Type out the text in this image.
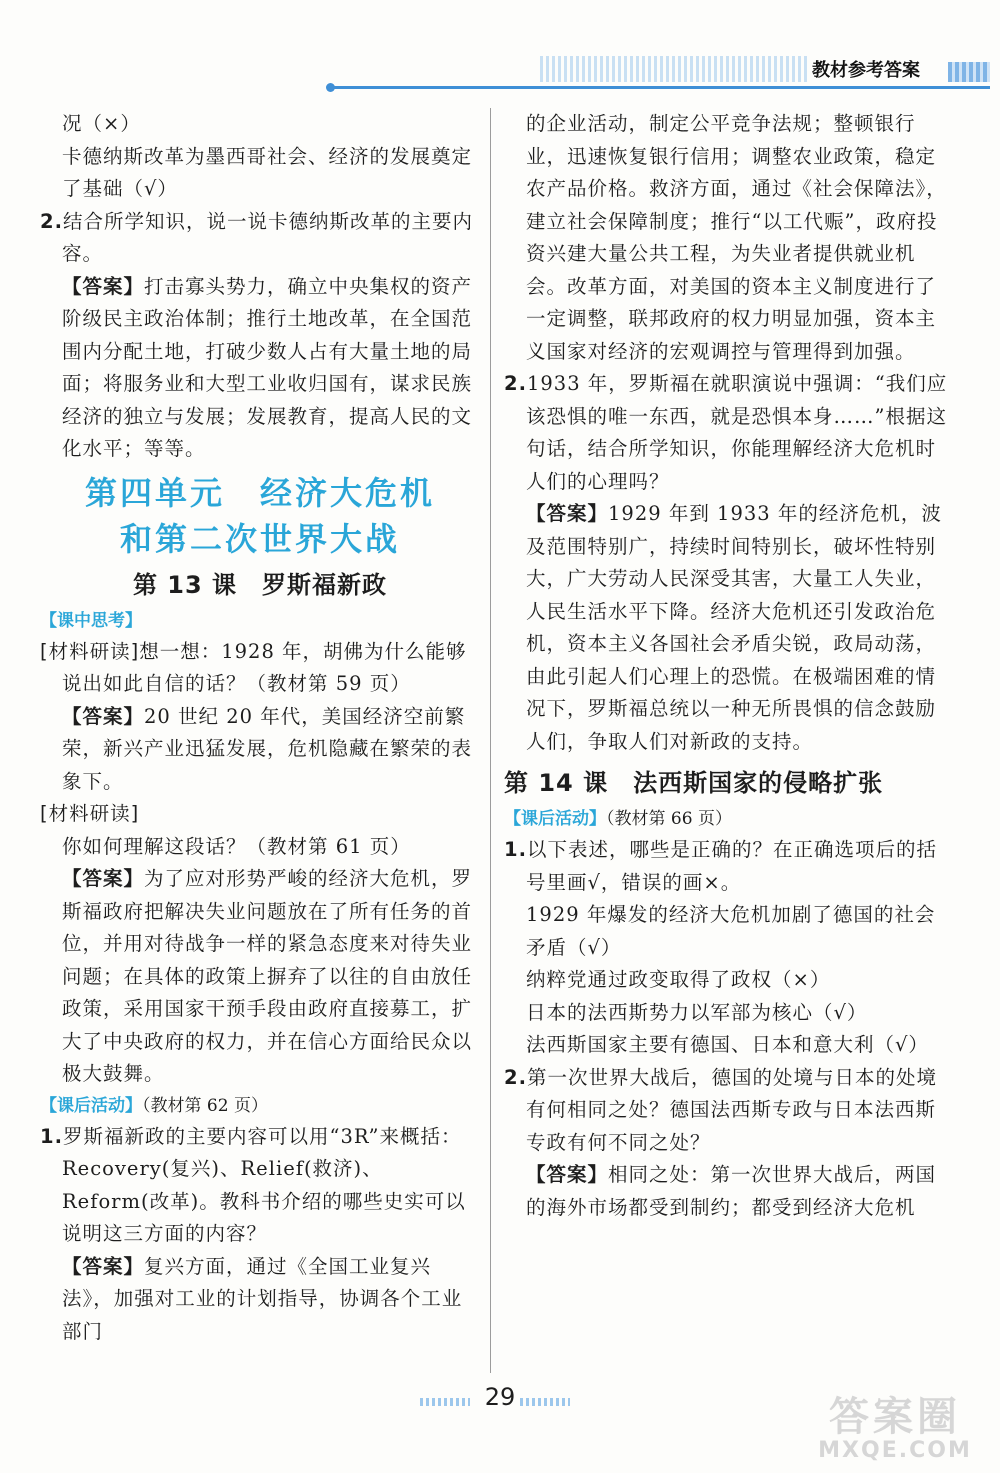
教材参考答案

况（×）

卡德纳斯改革为墨西哥社会、经济的发展奠定了基础（√）

2.结合所学知识，说一说卡德纳斯改革的主要内容。

【答案】打击寡头势力，确立中央集权的资产阶级民主政治体制；推行土地改革，在全国范围内分配土地，打破少数人占有大量土地的局面；将服务业和大型工业收归国有，谋求民族经济的独立与发展；发展教育，提高人民的文化水平；等等。

第四单元　经济大危机
和第二次世界大战
第 13 课　罗斯福新政
【课中思考】

[材料研读]想一想：1928 年，胡佛为什么能够说出如此自信的话？（教材第 59 页）

【答案】20 世纪 20 年代，美国经济空前繁荣，新兴产业迅猛发展，危机隐藏在繁荣的表象下。

[材料研读]你如何理解这段话？（教材第 61 页）

【答案】为了应对形势严峻的经济大危机，罗斯福政府把解决失业问题放在了所有任务的首位，并用对待战争一样的紧急态度来对待失业问题；在具体的政策上摒弃了以往的自由放任政策，采用国家干预手段由政府直接募工，扩大了中央政府的权力，并在信心方面给民众以极大鼓舞。

【课后活动】（教材第 62 页）

1.罗斯福新政的主要内容可以用“3R”来概括：Recovery(复兴)、Relief(救济)、Reform(改革)。教科书介绍的哪些史实可以说明这三方面的内容？

【答案】复兴方面，通过《全国工业复兴法》，加强对工业的计划指导，协调各个工业部门

的企业活动，制定公平竞争法规；整顿银行业，迅速恢复银行信用；调整农业政策，稳定农产品价格。救济方面，通过《社会保障法》，建立社会保障制度；推行“以工代赈”，政府投资兴建大量公共工程，为失业者提供就业机会。改革方面，对美国的资本主义制度进行了一定调整，联邦政府的权力明显加强，资本主义国家对经济的宏观调控与管理得到加强。

2.1933 年，罗斯福在就职演说中强调：“我们应该恐惧的唯一东西，就是恐惧本身……”根据这句话，结合所学知识，你能理解经济大危机时人们的心理吗？

【答案】1929 年到 1933 年的经济危机，波及范围特别广，持续时间特别长，破坏性特别大，广大劳动人民深受其害，大量工人失业，人民生活水平下降。经济大危机还引发政治危机，资本主义各国社会矛盾尖锐，政局动荡，由此引起人们心理上的恐慌。在极端困难的情况下，罗斯福总统以一种无所畏惧的信念鼓励人们，争取人们对新政的支持。

第 14 课　法西斯国家的侵略扩张
【课后活动】（教材第 66 页）

1.以下表述，哪些是正确的？在正确选项后的括号里画√，错误的画×。

1929 年爆发的经济大危机加剧了德国的社会矛盾（√）

纳粹党通过政变取得了政权（×）

日本的法西斯势力以军部为核心（√）

法西斯国家主要有德国、日本和意大利（√）

2.第一次世界大战后，德国的处境与日本的处境有何相同之处？德国法西斯专政与日本法西斯专政有何不同之处？

【答案】相同之处：第一次世界大战后，两国的海外市场都受到制约；都受到经济大危机

29	答案圈
MXQE.COM
